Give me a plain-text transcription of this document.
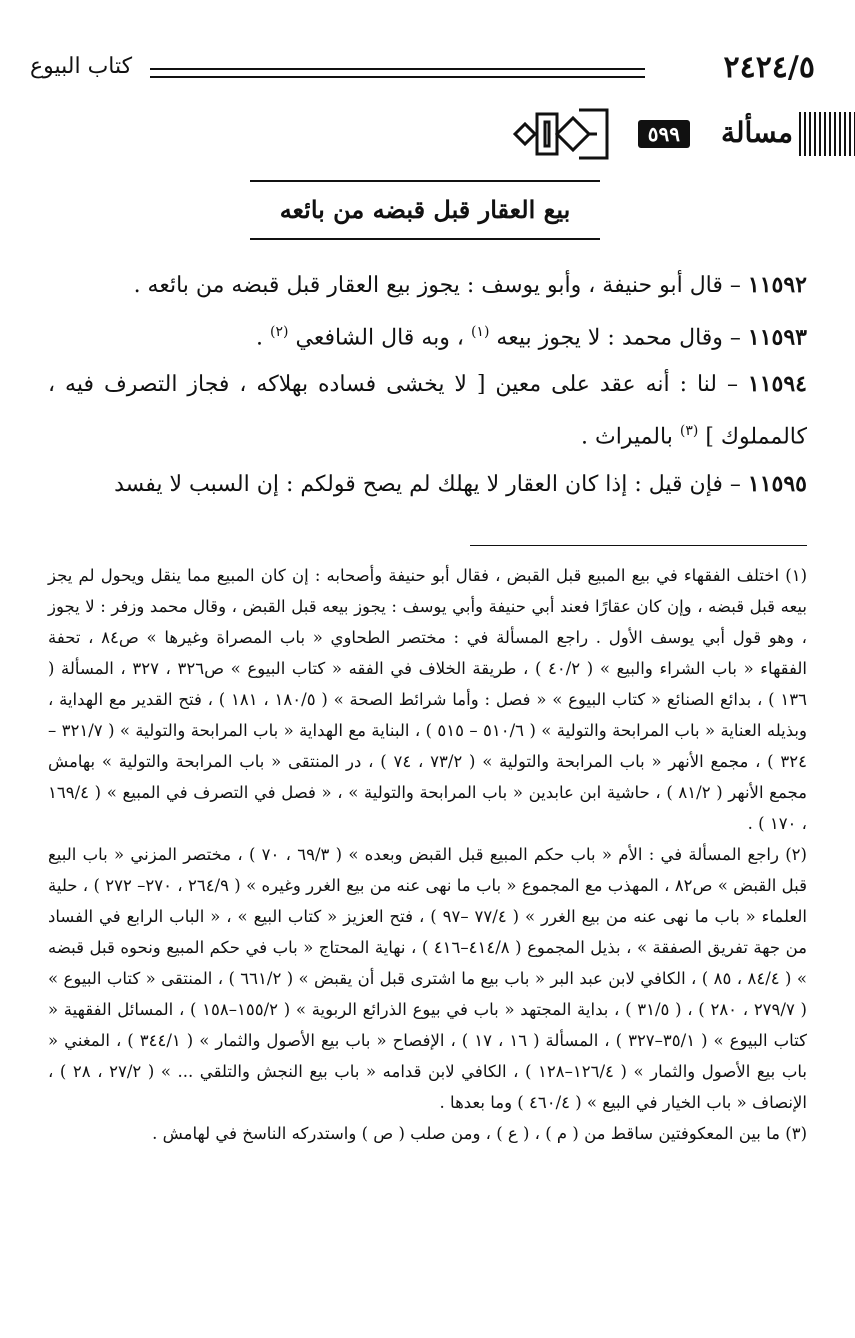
٢٤٢٤/٥
كتاب البيوع
مسألة
٥٩٩
بيع العقار قبل قبضه من بائعه

١١٥٩٢ – قال أبو حنيفة ، وأبو يوسف : يجوز بيع العقار قبل قبضه من بائعه .

١١٥٩٣ – وقال محمد : لا يجوز بيعه $^{(١)}$ ، وبه قال الشافعي $^{(٢)}$ .

١١٥٩٤ – لنا : أنه عقد على معين [ لا يخشى فساده بهلاكه ، فجاز التصرف فيه ، كالمملوك ] $^{(٣)}$ بالميراث .

١١٥٩٥ – فإن قيل : إذا كان العقار لا يهلك لم يصح قولكم : إن السبب لا يفسد

(١) اختلف الفقهاء في بيع المبيع قبل القبض ، فقال أبو حنيفة وأصحابه : إن كان المبيع مما ينقل ويحول لم يجز بيعه قبل قبضه ، وإن كان عقارًا فعند أبي حنيفة وأبي يوسف : يجوز بيعه قبل القبض ، وقال محمد وزفر : لا يجوز ، وهو قول أبي يوسف الأول . راجع المسألة في : مختصر الطحاوي « باب المصراة وغيرها » ص٨٤ ، تحفة الفقهاء « باب الشراء والبيع » ( ٤٠/٢ ) ، طريقة الخلاف في الفقه « كتاب البيوع » ص٣٢٦ ، ٣٢٧ ، المسألة ( ١٣٦ ) ، بدائع الصنائع « كتاب البيوع » « فصل : وأما شرائط الصحة » ( ١٨٠/٥ ، ١٨١ ) ، فتح القدير مع الهداية ، وبذيله العناية « باب المرابحة والتولية » ( ٥١٠/٦ – ٥١٥ ) ، البناية مع الهداية « باب المرابحة والتولية » ( ٣٢١/٧ – ٣٢٤ ) ، مجمع الأنهر « باب المرابحة والتولية » ( ٧٣/٢ ، ٧٤ ) ، در المنتقى « باب المرابحة والتولية » بهامش مجمع الأنهر ( ٨١/٢ ) ، حاشية ابن عابدين « باب المرابحة والتولية » ، « فصل في التصرف في المبيع » ( ١٦٩/٤ ، ١٧٠ ) .

(٢) راجع المسألة في : الأم « باب حكم المبيع قبل القبض وبعده » ( ٦٩/٣ ، ٧٠ ) ، مختصر المزني « باب البيع قبل القبض » ص٨٢ ، المهذب مع المجموع « باب ما نهى عنه من بيع الغرر وغيره » ( ٢٦٤/٩ ، ٢٧٠– ٢٧٢ ) ، حلية العلماء « باب ما نهى عنه من بيع الغرر » ( ٧٧/٤ –٩٧ ) ، فتح العزيز « كتاب البيع » ، « الباب الرابع في الفساد من جهة تفريق الصفقة » ، بذيل المجموع ( ٤١٤/٨–٤١٦ ) ، نهاية المحتاج « باب في حكم المبيع ونحوه قبل قبضه » ( ٨٤/٤ ، ٨٥ ) ، الكافي لابن عبد البر « باب بيع ما اشترى قبل أن يقبض » ( ٦٦١/٢ ) ، المنتقى « كتاب البيوع » ( ٢٧٩/٧ ، ٢٨٠ ) ، ( ٣١/٥ ) ، بداية المجتهد « باب في بيوع الذرائع الربوية » ( ١٥٥/٢–١٥٨ ) ، المسائل الفقهية « كتاب البيوع » ( ٣٥/١–٣٢٧ ) ، المسألة ( ١٦ ، ١٧ ) ، الإفصاح « باب بيع الأصول والثمار » ( ٣٤٤/١ ) ، المغني « باب بيع الأصول والثمار » ( ١٢٦/٤–١٢٨ ) ، الكافي لابن قدامه « باب بيع النجش والتلقي ... » ( ٢٧/٢ ، ٢٨ ) ، الإنصاف « باب الخيار في البيع » ( ٤٦٠/٤ ) وما بعدها .

(٣) ما بين المعكوفتين ساقط من ( م ) ، ( ع ) ، ومن صلب ( ص ) واستدركه الناسخ في لهامش .
